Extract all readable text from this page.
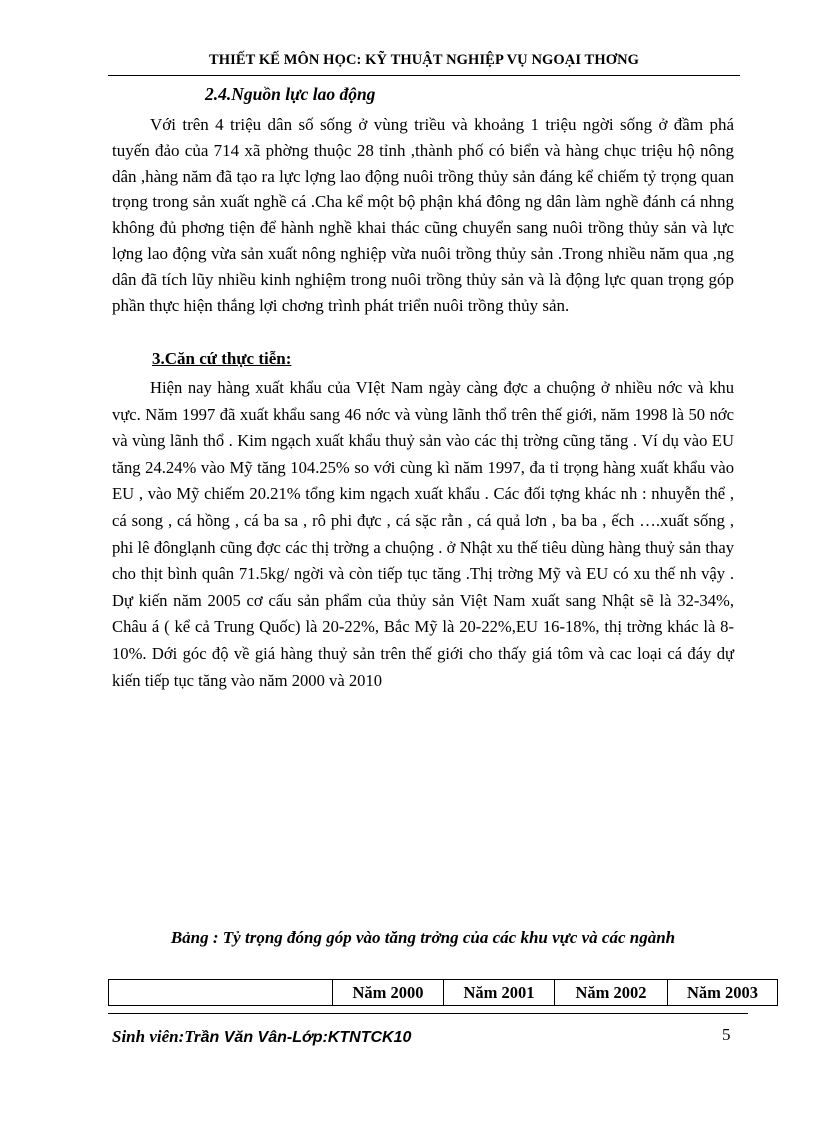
THIẾT KẾ MÔN HỌC: KỸ THUẬT NGHIỆP VỤ NGOẠI THƠNG
2.4.Nguồn lực lao động

Với trên 4 triệu dân số sống ở vùng triều và khoảng 1 triệu ngời sống ở đầm phá tuyến đảo của 714 xã phờng thuộc 28 tỉnh ,thành phố có biển và hàng chục triệu hộ nông dân ,hàng năm đã tạo ra lực lợng lao động nuôi trồng thủy sản đáng kể chiếm tỷ trọng quan trọng trong sản xuất nghề cá .Cha kể một bộ phận khá đông ng dân làm nghề đánh cá nhng không đủ phơng tiện để hành nghề khai thác cũng chuyển sang nuôi trồng thủy sản và lực lợng lao động vừa sản xuất nông nghiệp vừa nuôi trồng thủy sản .Trong nhiều năm qua ,ng dân đã tích lũy nhiều kinh nghiệm trong nuôi trồng thủy sản và là động lực quan trọng góp phần thực hiện thắng lợi chơng trình phát triển nuôi trồng thủy sản.

3.Căn cứ thực tiễn:

Hiện nay hàng xuất khẩu của VIệt Nam ngày càng đợc a chuộng ở nhiều nớc và khu vực. Năm 1997 đã xuất khẩu sang 46 nớc và vùng lãnh thổ trên thế giới, năm 1998 là 50 nớc và vùng lãnh thổ . Kim ngạch xuất khẩu thuỷ sản vào các thị trờng cũng tăng . Ví dụ vào EU tăng 24.24% vào Mỹ tăng 104.25% so với cùng kì năm 1997, đa tỉ trọng hàng xuất khẩu vào EU , vào Mỹ chiếm 20.21% tổng kim ngạch xuất khẩu . Các đối tợng khác nh : nhuyễn thể , cá song , cá hồng , cá ba sa , rô phi đực , cá sặc rằn , cá quả lơn , ba ba , ếch ….xuất sống , phi lê đônglạnh cũng đợc các thị trờng a chuộng . ở Nhật xu thế tiêu dùng hàng thuỷ sản thay cho thịt bình quân 71.5kg/ ngời và còn tiếp tục tăng .Thị trờng Mỹ và EU có xu thế nh vậy . Dự kiến năm 2005 cơ cấu sản phẩm của thủy sản Việt Nam xuất sang Nhật sẽ là 32-34%, Châu á ( kể cả Trung Quốc) là 20-22%, Bắc Mỹ là 20-22%,EU 16-18%, thị trờng khác là 8-10%. Dới góc độ về giá hàng thuỷ sản trên thế giới cho thấy giá tôm và cac loại cá đáy dự kiến tiếp tục tăng vào năm 2000 và 2010

Bảng : Tỷ trọng đóng góp vào tăng trởng của các khu vực và các ngành
	Năm 2000	Năm 2001	Năm 2002	Năm 2003
Sinh viên:Trần Văn Vân-Lớp:KTNTCK10	5
